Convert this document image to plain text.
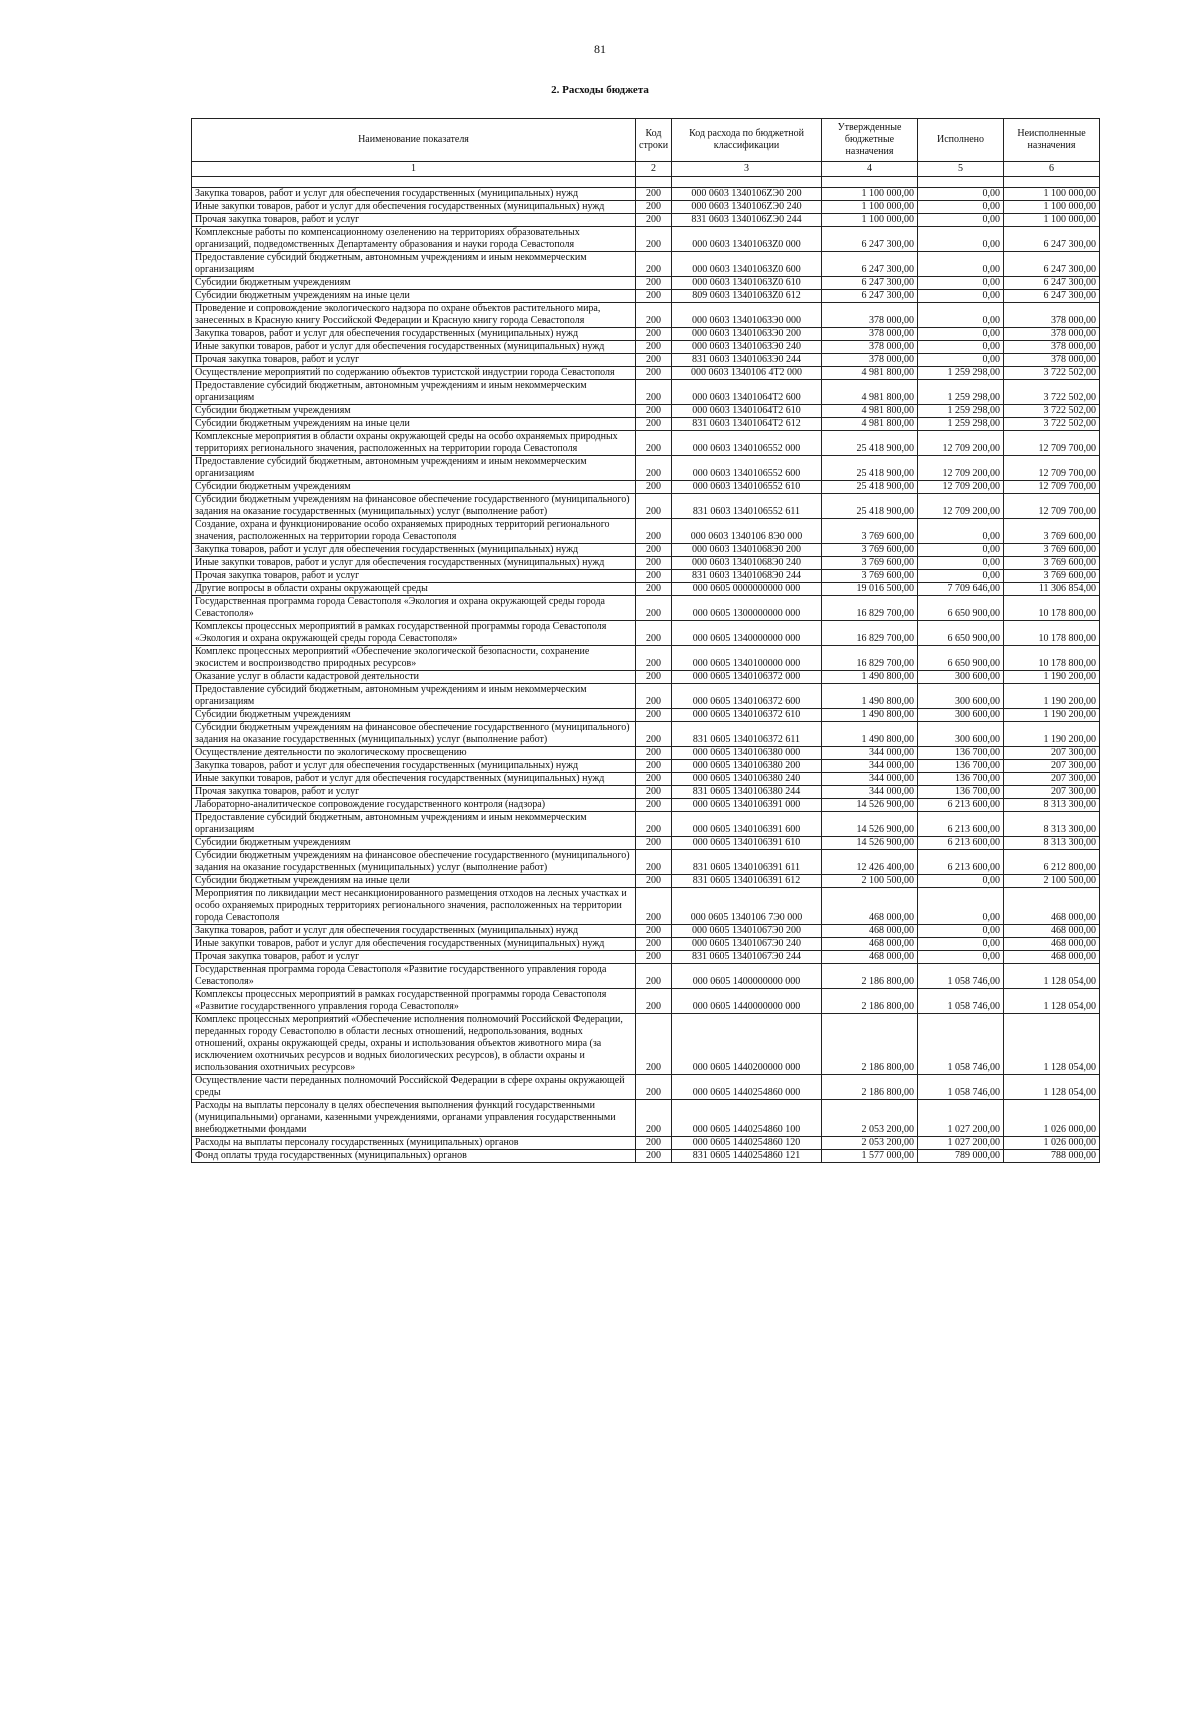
81
2. Расходы бюджета
Наименование показателя	Код строки	Код расхода по бюджетной классификации	Утвержденные бюджетные назначения	Исполнено	Неисполненные назначения
1	2	3	4	5	6

Закупка товаров, работ и услуг для обеспечения государственных (муниципальных) нужд	200	000 0603 1340106ZЭ0 200	1 100 000,00	0,00	1 100 000,00
Иные закупки товаров, работ и услуг для обеспечения государственных (муниципальных) нужд	200	000 0603 1340106ZЭ0 240	1 100 000,00	0,00	1 100 000,00
Прочая закупка товаров, работ и услуг	200	831 0603 1340106ZЭ0 244	1 100 000,00	0,00	1 100 000,00
Комплексные работы по компенсационному озеленению на территориях образовательных организаций, подведомственных Департаменту образования и науки города Севастополя	200	000 0603 1340106ЗZ0 000	6 247 300,00	0,00	6 247 300,00
Предоставление субсидий бюджетным, автономным учреждениям и иным некоммерческим организациям	200	000 0603 1340106ЗZ0 600	6 247 300,00	0,00	6 247 300,00
Субсидии бюджетным учреждениям	200	000 0603 1340106ЗZ0 610	6 247 300,00	0,00	6 247 300,00
Субсидии бюджетным учреждениям на иные цели	200	809 0603 1340106ЗZ0 612	6 247 300,00	0,00	6 247 300,00
Проведение и сопровождение экологического надзора по охране объектов растительного мира, занесенных в Красную книгу Российской Федерации и Красную книгу города Севастополя	200	000 0603 1340106ЗЭ0 000	378 000,00	0,00	378 000,00
Закупка товаров, работ и услуг для обеспечения государственных (муниципальных) нужд	200	000 0603 1340106ЗЭ0 200	378 000,00	0,00	378 000,00
Иные закупки товаров, работ и услуг для обеспечения государственных (муниципальных) нужд	200	000 0603 1340106ЗЭ0 240	378 000,00	0,00	378 000,00
Прочая закупка товаров, работ и услуг	200	831 0603 1340106ЗЭ0 244	378 000,00	0,00	378 000,00
Осуществление мероприятий по содержанию объектов туристской индустрии города Севастополя	200	000 0603 1340106 4T2 000	4 981 800,00	1 259 298,00	3 722 502,00
Предоставление субсидий бюджетным, автономным учреждениям и иным некоммерческим организациям	200	000 0603 13401064T2 600	4 981 800,00	1 259 298,00	3 722 502,00
Субсидии бюджетным учреждениям	200	000 0603 13401064T2 610	4 981 800,00	1 259 298,00	3 722 502,00
Субсидии бюджетным учреждениям на иные цели	200	831 0603 13401064T2 612	4 981 800,00	1 259 298,00	3 722 502,00
Комплексные мероприятия в области охраны окружающей среды на особо охраняемых природных территориях регионального значения, расположенных на территории города Севастополя	200	000 0603 1340106552 000	25 418 900,00	12 709 200,00	12 709 700,00
Предоставление субсидий бюджетным, автономным учреждениям и иным некоммерческим организациям	200	000 0603 1340106552 600	25 418 900,00	12 709 200,00	12 709 700,00
Субсидии бюджетным учреждениям	200	000 0603 1340106552 610	25 418 900,00	12 709 200,00	12 709 700,00
Субсидии бюджетным учреждениям на финансовое обеспечение государственного (муниципального) задания на оказание государственных (муниципальных) услуг (выполнение работ)	200	831 0603 1340106552 611	25 418 900,00	12 709 200,00	12 709 700,00
Создание, охрана и функционирование особо охраняемых природных территорий регионального значения, расположенных на территории города Севастополя	200	000 0603 1340106 8Э0 000	3 769 600,00	0,00	3 769 600,00
Закупка товаров, работ и услуг для обеспечения государственных (муниципальных) нужд	200	000 0603 13401068Э0 200	3 769 600,00	0,00	3 769 600,00
Иные закупки товаров, работ и услуг для обеспечения государственных (муниципальных) нужд	200	000 0603 13401068Э0 240	3 769 600,00	0,00	3 769 600,00
Прочая закупка товаров, работ и услуг	200	831 0603 13401068Э0 244	3 769 600,00	0,00	3 769 600,00
Другие вопросы в области охраны окружающей среды	200	000 0605 0000000000 000	19 016 500,00	7 709 646,00	11 306 854,00
Государственная программа города Севастополя «Экология и охрана окружающей среды города Севастополя»	200	000 0605 1300000000 000	16 829 700,00	6 650 900,00	10 178 800,00
Комплексы процессных мероприятий в рамках государственной программы города Севастополя «Экология и охрана окружающей среды города Севастополя»	200	000 0605 1340000000 000	16 829 700,00	6 650 900,00	10 178 800,00
Комплекс процессных мероприятий «Обеспечение экологической безопасности, сохранение экосистем и воспроизводство природных ресурсов»	200	000 0605 1340100000 000	16 829 700,00	6 650 900,00	10 178 800,00
Оказание услуг в области кадастровой деятельности	200	000 0605 1340106372 000	1 490 800,00	300 600,00	1 190 200,00
Предоставление субсидий бюджетным, автономным учреждениям и иным некоммерческим организациям	200	000 0605 1340106372 600	1 490 800,00	300 600,00	1 190 200,00
Субсидии бюджетным учреждениям	200	000 0605 1340106372 610	1 490 800,00	300 600,00	1 190 200,00
Субсидии бюджетным учреждениям на финансовое обеспечение государственного (муниципального) задания на оказание государственных (муниципальных) услуг (выполнение работ)	200	831 0605 1340106372 611	1 490 800,00	300 600,00	1 190 200,00
Осуществление деятельности по экологическому просвещению	200	000 0605 1340106380 000	344 000,00	136 700,00	207 300,00
Закупка товаров, работ и услуг для обеспечения государственных (муниципальных) нужд	200	000 0605 1340106380 200	344 000,00	136 700,00	207 300,00
Иные закупки товаров, работ и услуг для обеспечения государственных (муниципальных) нужд	200	000 0605 1340106380 240	344 000,00	136 700,00	207 300,00
Прочая закупка товаров, работ и услуг	200	831 0605 1340106380 244	344 000,00	136 700,00	207 300,00
Лабораторно-аналитическое сопровождение государственного контроля (надзора)	200	000 0605 1340106391 000	14 526 900,00	6 213 600,00	8 313 300,00
Предоставление субсидий бюджетным, автономным учреждениям и иным некоммерческим организациям	200	000 0605 1340106391 600	14 526 900,00	6 213 600,00	8 313 300,00
Субсидии бюджетным учреждениям	200	000 0605 1340106391 610	14 526 900,00	6 213 600,00	8 313 300,00
Субсидии бюджетным учреждениям на финансовое обеспечение государственного (муниципального) задания на оказание государственных (муниципальных) услуг (выполнение работ)	200	831 0605 1340106391 611	12 426 400,00	6 213 600,00	6 212 800,00
Субсидии бюджетным учреждениям на иные цели	200	831 0605 1340106391 612	2 100 500,00	0,00	2 100 500,00
Мероприятия по ликвидации мест несанкционированного размещения отходов на лесных участках и особо охраняемых природных территориях регионального значения, расположенных на территории города Севастополя	200	000 0605 1340106 7Э0 000	468 000,00	0,00	468 000,00
Закупка товаров, работ и услуг для обеспечения государственных (муниципальных) нужд	200	000 0605 13401067Э0 200	468 000,00	0,00	468 000,00
Иные закупки товаров, работ и услуг для обеспечения государственных (муниципальных) нужд	200	000 0605 13401067Э0 240	468 000,00	0,00	468 000,00
Прочая закупка товаров, работ и услуг	200	831 0605 13401067Э0 244	468 000,00	0,00	468 000,00
Государственная программа города Севастополя «Развитие государственного управления города Севастополя»	200	000 0605 1400000000 000	2 186 800,00	1 058 746,00	1 128 054,00
Комплексы процессных мероприятий в рамках государственной программы города Севастополя «Развитие государственного управления города Севастополя»	200	000 0605 1440000000 000	2 186 800,00	1 058 746,00	1 128 054,00
Комплекс процессных мероприятий «Обеспечение исполнения полномочий Российской Федерации, переданных городу Севастополю в области лесных отношений, недропользования, водных отношений, охраны окружающей среды, охраны и использования объектов животного мира (за исключением охотничьих ресурсов и водных биологических ресурсов), в области охраны и использования охотничьих ресурсов»	200	000 0605 1440200000 000	2 186 800,00	1 058 746,00	1 128 054,00
Осуществление части переданных полномочий Российской Федерации в сфере охраны окружающей среды	200	000 0605 1440254860 000	2 186 800,00	1 058 746,00	1 128 054,00
Расходы на выплаты персоналу в целях обеспечения выполнения функций государственными (муниципальными) органами, казенными учреждениями, органами управления государственными внебюджетными фондами	200	000 0605 1440254860 100	2 053 200,00	1 027 200,00	1 026 000,00
Расходы на выплаты персоналу государственных (муниципальных) органов	200	000 0605 1440254860 120	2 053 200,00	1 027 200,00	1 026 000,00
Фонд оплаты труда государственных (муниципальных) органов	200	831 0605 1440254860 121	1 577 000,00	789 000,00	788 000,00
